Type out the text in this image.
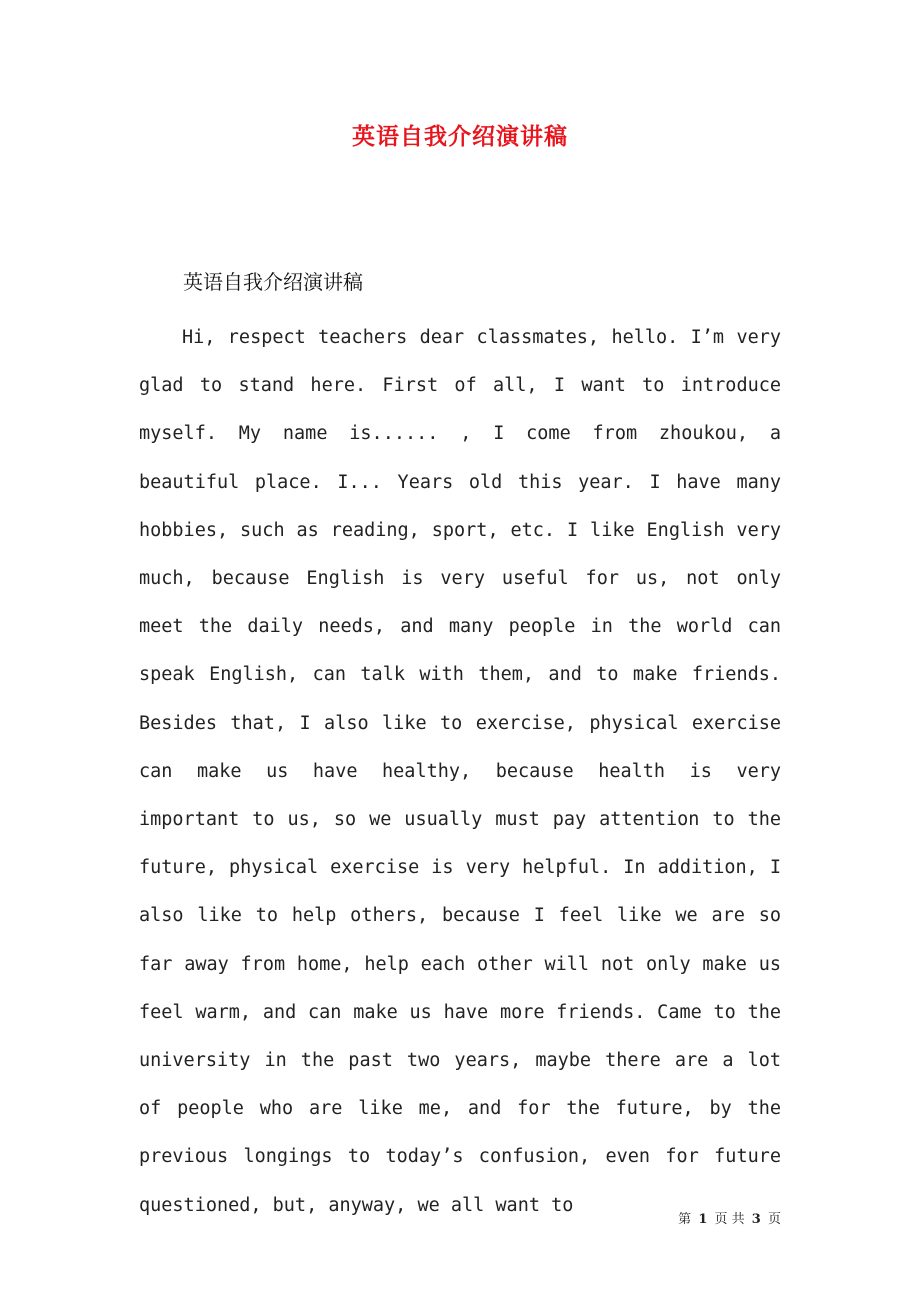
英语自我介绍演讲稿
英语自我介绍演讲稿

Hi, respect teachers dear classmates, hello. I’m very glad to stand here. First of all, I want to introduce myself. My name is...... , I come from zhoukou, a beautiful place. I... Years old this year. I have many hobbies, such as reading, sport, etc. I like English very much, because English is very useful for us, not only meet the daily needs, and many people in the world can speak English, can talk with them, and to make friends. Besides that, I also like to exercise, physical exercise can make us have healthy, because health is very important to us, so we usually must pay attention to the future, physical exercise is very helpful. In addition, I also like to help others, because I feel like we are so far away from home, help each other will not only make us feel warm, and can make us have more friends. Came to the university in the past two years, maybe there are a lot of people who are like me, and for the future, by the previous longings to today’s confusion, even for future questioned, but, anyway, we all want to

第 1 页 共 3 页
